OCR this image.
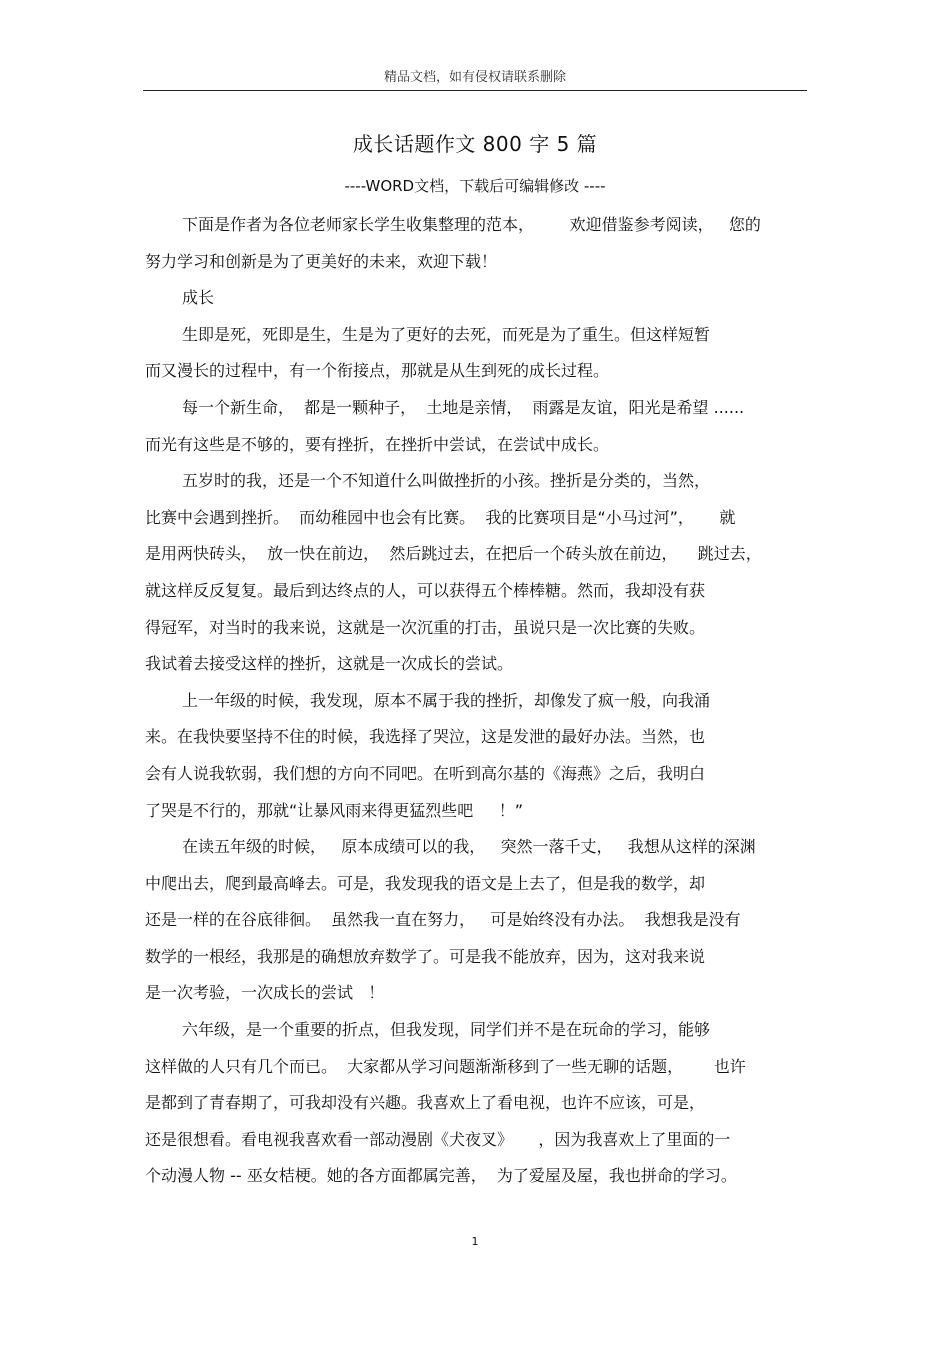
精品文档，如有侵权请联系删除
成长话题作文 800 字 5 篇
----WORD文档，下载后可编辑修改 ----
下面是作者为各位老师家长学生收集整理的范本，       欢迎借鉴参考阅读，   您的
努力学习和创新是为了更美好的未来，欢迎下载！
成长
生即是死，死即是生，生是为了更好的去死，而死是为了重生。但这样短暂
而又漫长的过程中，有一个衔接点，那就是从生到死的成长过程。
每一个新生命，  都是一颗种子，  土地是亲情，  雨露是友谊，阳光是希望 ......
而光有这些是不够的，要有挫折，在挫折中尝试，在尝试中成长。
五岁时的我，还是一个不知道什么叫做挫折的小孩。挫折是分类的，当然，
比赛中会遇到挫折。  而幼稚园中也会有比赛。  我的比赛项目是“小马过河”，     就
是用两快砖头，  放一快在前边，  然后跳过去，在把后一个砖头放在前边，    跳过去，
就这样反反复复。最后到达终点的人，可以获得五个棒棒糖。然而，我却没有获
得冠军，对当时的我来说，这就是一次沉重的打击，虽说只是一次比赛的失败。
我试着去接受这样的挫折，这就是一次成长的尝试。
上一年级的时候，我发现，原本不属于我的挫折，却像发了疯一般，向我涌
来。在我快要坚持不住的时候，我选择了哭泣，这是发泄的最好办法。当然，也
会有人说我软弱，我们想的方向不同吧。在听到高尔基的《海燕》之后，我明白
了哭是不行的，那就“让暴风雨来得更猛烈些吧     ！”
在读五年级的时候，   原本成绩可以的我，   突然一落千丈，   我想从这样的深渊
中爬出去，爬到最高峰去。可是，我发现我的语文是上去了，但是我的数学，却
还是一样的在谷底徘徊。  虽然我一直在努力，   可是始终没有办法。  我想我是没有
数学的一根经，我那是的确想放弃数学了。可是我不能放弃，因为，这对我来说
是一次考验，一次成长的尝试   ！
六年级，是一个重要的折点，但我发现，同学们并不是在玩命的学习，能够
这样做的人只有几个而已。  大家都从学习问题渐渐移到了一些无聊的话题，      也许
是都到了青春期了，可我却没有兴趣。我喜欢上了看电视，也许不应该，可是，
还是很想看。看电视我喜欢看一部动漫剧《犬夜叉》     ，因为我喜欢上了里面的一
个动漫人物 -- 巫女桔梗。她的各方面都属完善，  为了爱屋及屋，我也拼命的学习。
1
